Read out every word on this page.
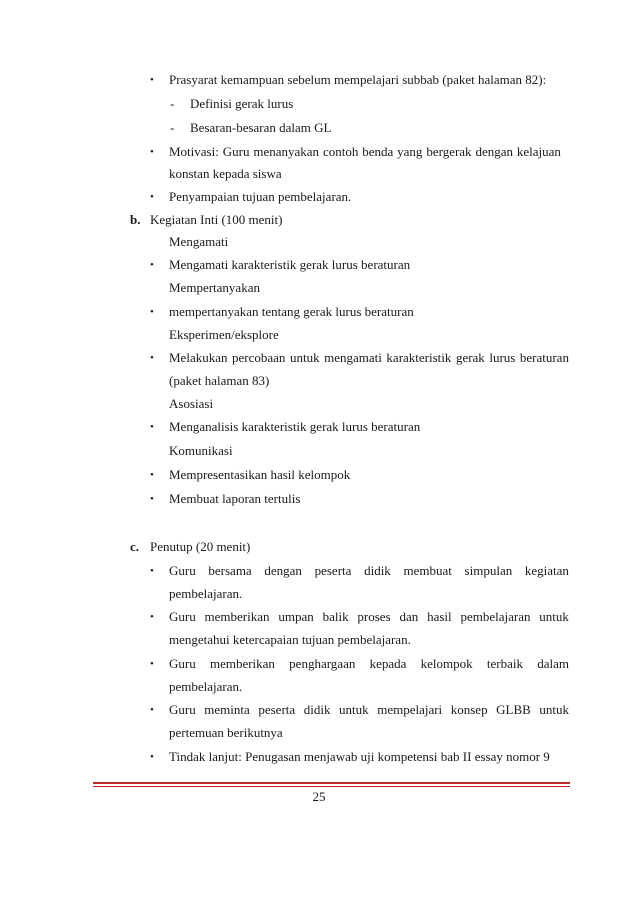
• Prasyarat kemampuan sebelum mempelajari subbab (paket halaman 82):
- Definisi gerak lurus
- Besaran-besaran dalam GL
• Motivasi: Guru menanyakan contoh benda yang bergerak dengan kelajuan
konstan kepada siswa
• Penyampaian tujuan pembelajaran.
b. Kegiatan Inti (100 menit)
Mengamati
• Mengamati karakteristik gerak lurus beraturan
Mempertanyakan
• mempertanyakan tentang gerak lurus beraturan
Eksperimen/eksplore
• Melakukan percobaan untuk mengamati karakteristik gerak lurus beraturan
(paket halaman 83)
Asosiasi
• Menganalisis karakteristik gerak lurus beraturan
Komunikasi
• Mempresentasikan hasil kelompok
• Membuat laporan tertulis
c. Penutup (20 menit)
• Guru bersama dengan peserta didik membuat simpulan kegiatan
pembelajaran.
• Guru memberikan umpan balik proses dan hasil pembelajaran untuk
mengetahui ketercapaian tujuan pembelajaran.
• Guru memberikan penghargaan kepada kelompok terbaik dalam
pembelajaran.
• Guru meminta peserta didik untuk mempelajari konsep GLBB untuk
pertemuan berikutnya
• Tindak lanjut: Penugasan menjawab uji kompetensi bab II essay nomor 9
25
